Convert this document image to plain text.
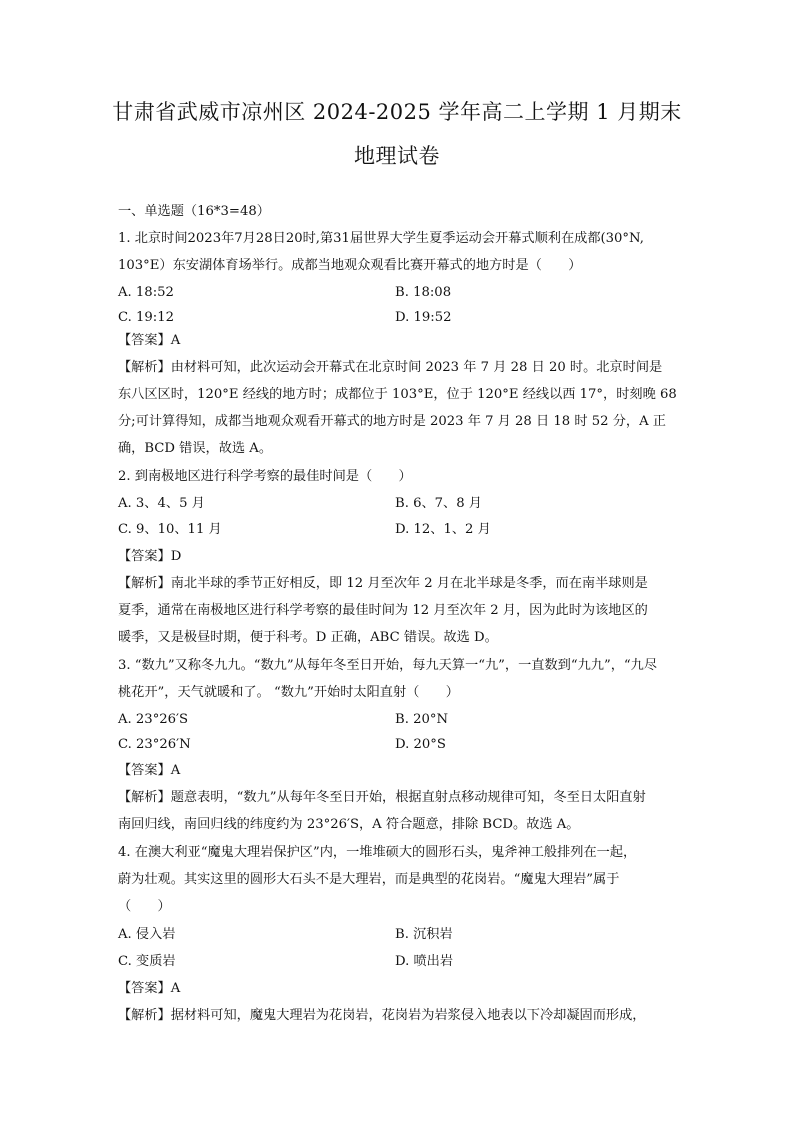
甘肃省武威市凉州区 2024-2025 学年高二上学期 1 月期末
地理试卷
一、单选题（16*3=48）
1. 北京时间2023年7月28日20时,第31届世界大学生夏季运动会开幕式顺利在成都(30°N,
103°E）东安湖体育场举行。成都当地观众观看比赛开幕式的地方时是（　　）
A. 18:52	B. 18:08
C. 19:12	D. 19:52
【答案】A
【解析】由材料可知，此次运动会开幕式在北京时间 2023 年 7 月 28 日 20 时。北京时间是
东八区区时，120°E 经线的地方时；成都位于 103°E，位于 120°E 经线以西 17°，时刻晚 68
分;可计算得知，成都当地观众观看开幕式的地方时是 2023 年 7 月 28 日 18 时 52 分，A 正
确，BCD 错误，故选 A。
2. 到南极地区进行科学考察的最佳时间是（　　）
A. 3、4、5 月	B. 6、7、8 月
C. 9、10、11 月	D. 12、1、2 月
【答案】D
【解析】南北半球的季节正好相反，即 12 月至次年 2 月在北半球是冬季，而在南半球则是
夏季，通常在南极地区进行科学考察的最佳时间为 12 月至次年 2 月，因为此时为该地区的
暖季，又是极昼时期，便于科考。D 正确，ABC 错误。故选 D。
3. “数九”又称冬九九。“数九”从每年冬至日开始，每九天算一“九”，一直数到“九九”，“九尽
桃花开”，天气就暖和了。 “数九”开始时太阳直射（　　）
A. 23°26′S	B. 20°N
C. 23°26′N	D. 20°S
【答案】A
【解析】题意表明，“数九”从每年冬至日开始，根据直射点移动规律可知，冬至日太阳直射
南回归线，南回归线的纬度约为 23°26′S，A 符合题意，排除 BCD。故选 A。
4. 在澳大利亚“魔鬼大理岩保护区”内，一堆堆硕大的圆形石头，鬼斧神工般排列在一起，
蔚为壮观。其实这里的圆形大石头不是大理岩，而是典型的花岗岩。“魔鬼大理岩”属于
（　　）
A. 侵入岩	B. 沉积岩
C. 变质岩	D. 喷出岩
【答案】A
【解析】据材料可知，魔鬼大理岩为花岗岩，花岗岩为岩浆侵入地表以下冷却凝固而形成，
